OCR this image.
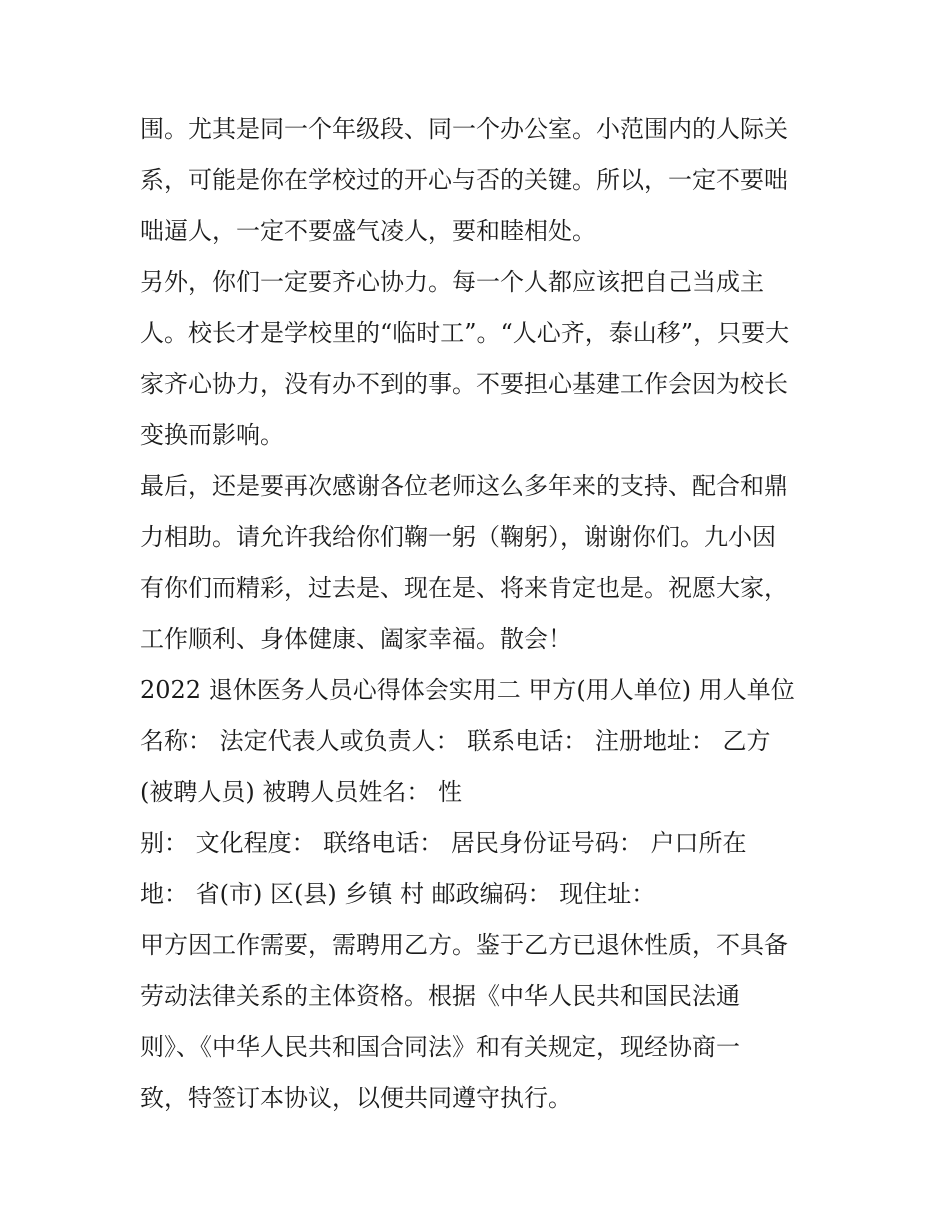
围。尤其是同一个年级段、同一个办公室。小范围内的人际关
系，可能是你在学校过的开心与否的关键。所以，一定不要咄
咄逼人，一定不要盛气凌人，要和睦相处。
另外，你们一定要齐心协力。每一个人都应该把自己当成主
人。校长才是学校里的“临时工”。“人心齐，泰山移”，只要大
家齐心协力，没有办不到的事。不要担心基建工作会因为校长
变换而影响。
最后，还是要再次感谢各位老师这么多年来的支持、配合和鼎
力相助。请允许我给你们鞠一躬（鞠躬），谢谢你们。九小因
有你们而精彩，过去是、现在是、将来肯定也是。祝愿大家，
工作顺利、身体健康、阖家幸福。散会！
2022 退休医务人员心得体会实用二 甲方(用人单位) 用人单位
名称： 法定代表人或负责人： 联系电话： 注册地址： 乙方
(被聘人员) 被聘人员姓名： 性
别： 文化程度： 联络电话： 居民身份证号码： 户口所在
地： 省(市) 区(县) 乡镇 村 邮政编码： 现住址：
甲方因工作需要，需聘用乙方。鉴于乙方已退休性质，不具备
劳动法律关系的主体资格。根据《中华人民共和国民法通
则》、《中华人民共和国合同法》和有关规定，现经协商一
致，特签订本协议，以便共同遵守执行。
